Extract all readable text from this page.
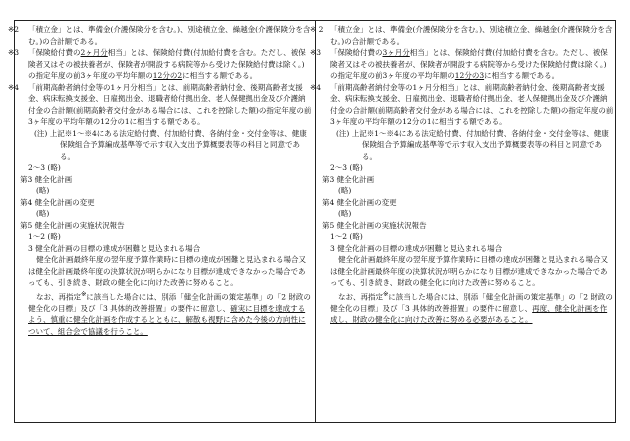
※2 「積立金」とは、準備金(介護保険分を含む。)、別途積立金、繰越金(介護保険分を含む。)の合計額である。

※3 「保険給付費の2ヶ月分相当」とは、保険給付費(付加給付費を含む。ただし、被保険者又はその被扶養者が、保険者が開設する病院等から受けた保険給付費は除く。)の指定年度の前3ヶ年度の平均年額の12分の2に相当する額である。

※4 「前期高齢者納付金等の1ヶ月分相当」とは、前期高齢者納付金、後期高齢者支援金、病床転換支援金、日雇拠出金、退職者給付拠出金、老人保健拠出金及び介護納付金の合計額(前期高齢者交付金がある場合には、これを控除した額)の指定年度の前3ヶ年度の平均年額の12分の1に相当する額である。

(注) 上記※1～※4にある法定給付費、付加給付費、各納付金・交付金等は、健康保険組合予算編成基準等で示す収入支出予算概要表等の科目と同意である。

2～3 (略)

第3 健全化計画

(略)

第4 健全化計画の変更

(略)

第5 健全化計画の実施状況報告

1～2 (略)

3 健全化計画の目標の達成が困難と見込まれる場合

健全化計画最終年度の翌年度予算作業時に目標の達成が困難と見込まれる場合又は健全化計画最終年度の決算状況が明らかになり目標が達成できなかった場合であっても、引き続き、財政の健全化に向けた改善に努めること。

なお、再指定※に該当した場合には、別添「健全化計画の策定基準」の「2 財政の健全化の目標」及び「3 具体的改善措置」の要件に留意し、確実に目標を達成するよう、慎重に健全化計画を作成するとともに、解散も視野に含めた今後の方向性について、組合会で協議を行うこと。

※ 2 「積立金」とは、準備金(介護保険分を含む。)、別途積立金、繰越金(介護保険分を含む。)の合計額である。

※3 「保険給付費の3ヶ月分相当」とは、保険給付費(付加給付費を含む。ただし、被保険者又はその被扶養者が、保険者が開設する病院等から受けた保険給付費は除く。)の指定年度の前3ヶ年度の平均年額の12分の3に相当する額である。

※4 「前期高齢者納付金等の1ヶ月分相当」とは、前期高齢者納付金、後期高齢者支援金、病床転換支援金、日雇拠出金、退職者給付拠出金、老人保健拠出金及び介護納付金の合計額(前期高齢者交付金がある場合には、これを控除した額)の指定年度の前3ヶ年度の平均年額の12分の1に相当する額である。

(注) 上記※1～※4にある法定給付費、付加給付費、各納付金・交付金等は、健康保険組合予算編成基準等で示す収入支出予算概要表等の科目と同意である。

2～3 (略)

第3 健全化計画

(略)

第4 健全化計画の変更

(略)

第5 健全化計画の実施状況報告

1～2 (略)

3 健全化計画の目標の達成が困難と見込まれる場合

健全化計画最終年度の翌年度予算作業時に目標の達成が困難と見込まれる場合又は健全化計画最終年度の決算状況が明らかになり目標が達成できなかった場合であっても、引き続き、財政の健全化に向けた改善に努めること。

なお、再指定※に該当した場合には、別添「健全化計画の策定基準」の「2 財政の健全化の目標」及び「3 具体的改善措置」の要件に留意し、再度、健全化計画を作成し、財政の健全化に向けた改善に努める必要があること。
